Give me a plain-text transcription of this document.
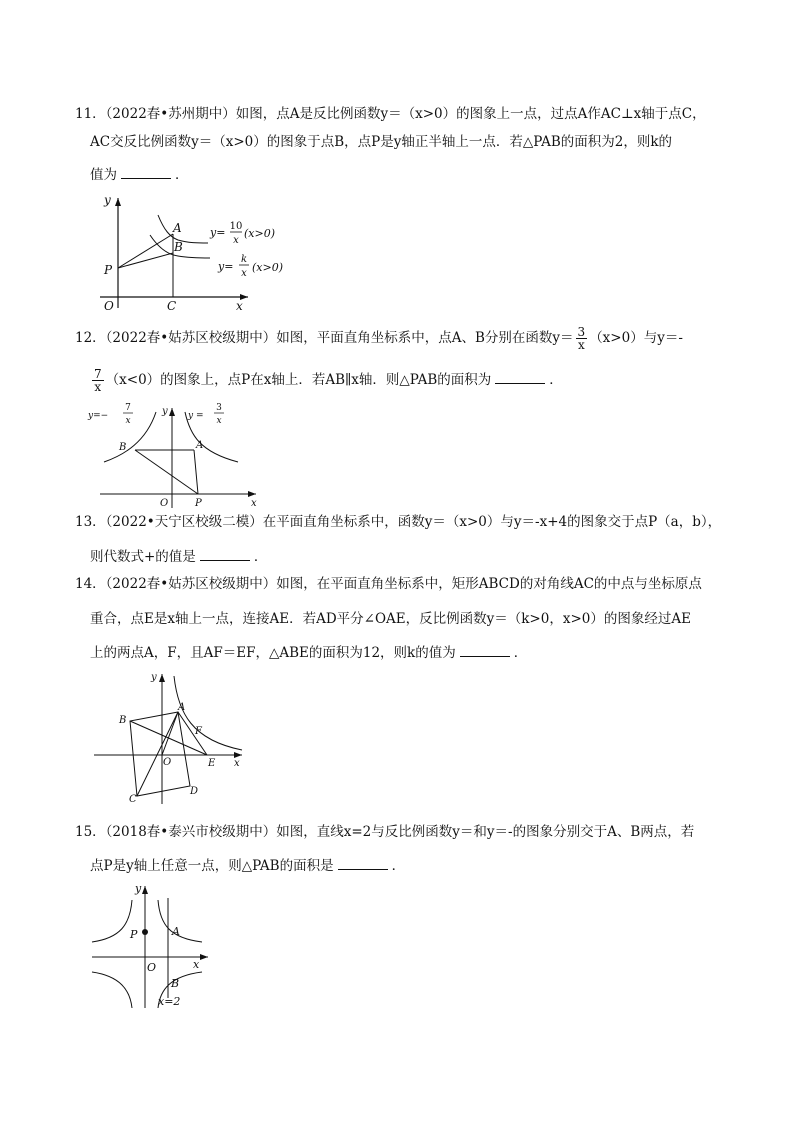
11．（2022春•苏州期中）如图，点A是反比例函数y＝（x>0）的图象上一点，过点A作AC⊥x轴于点C，
AC交反比例函数y＝（x>0）的图象于点B，点P是y轴正半轴上一点．若△PAB的面积为2，则k的
值为	．
y
x
O	C
P
A
B
y= 10
x
(x>0)
y=
k
x (x>0)
12．（2022春•姑苏区校级期中）如图，平面直角坐标系中，点A、B分别在函数$y= \frac{3}{x} (x>0)$与y＝-
$\frac{7}{x} (x<0)$的图象上，点P在x轴上．若AB∥x轴．则△PAB的面积为	．
y=−
7
x	y =
3
x
B	A
O	P	x
y
13．（2022•天宁区校级二模）在平面直角坐标系中，函数y＝（x>0）与y＝-x+4的图象交于点P（a，b），
则代数式+的值是	．
14．（2022春•姑苏区校级期中）如图，在平面直角坐标系中，矩形ABCD的对角线AC的中点与坐标原点
重合，点E是x轴上一点，连接AE．若AD平分∠OAE，反比例函数y＝（k>0，x>0）的图象经过AE
上的两点A，F，且AF＝EF，△ABE的面积为12，则k的值为	．
A
B
C
D
E
F
O	x
y
15．（2018春•泰兴市校级期中）如图，直线x=2与反比例函数y＝和y＝-的图象分别交于A、B两点，若
点P是y轴上任意一点，则△PAB的面积是	．
P	A
B
O	x
y
x=2
